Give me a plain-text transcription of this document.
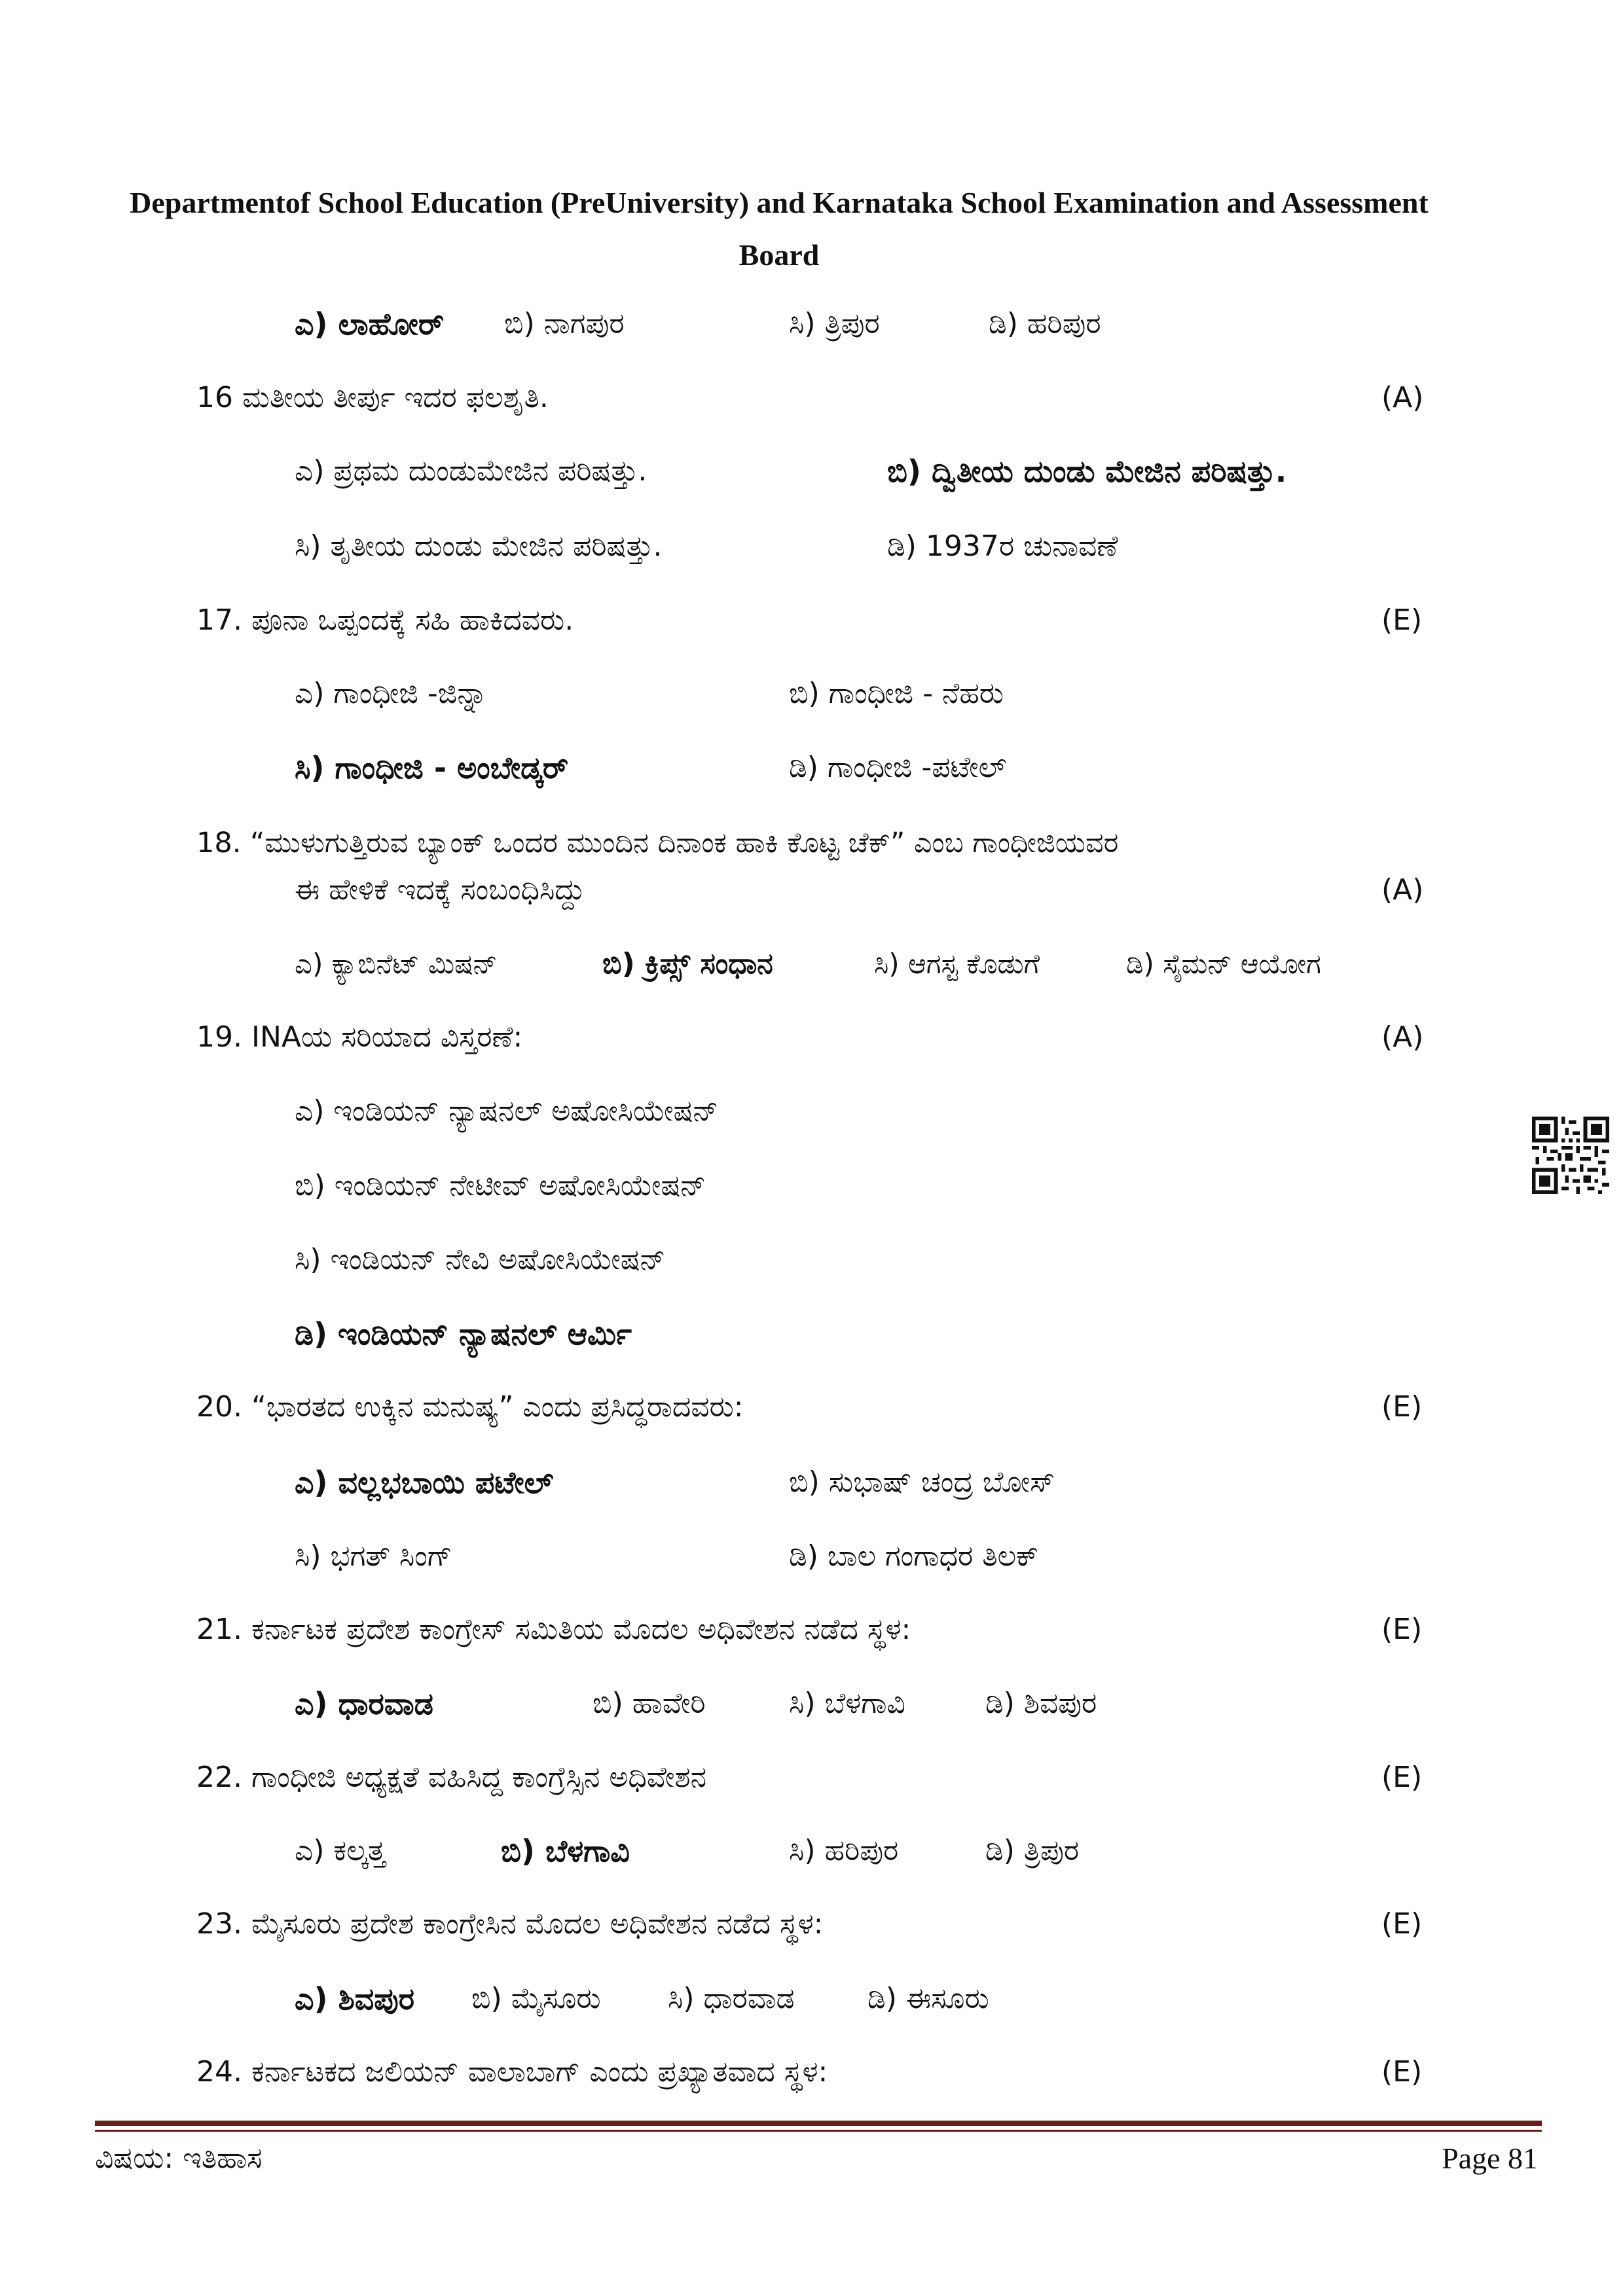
Departmentof School Education (PreUniversity) and Karnataka School Examination and Assessment
Board
ಎ) ಲಾಹೋರ್ ಬಿ) ನಾಗಪುರ	ಸಿ) ತ್ರಿಪುರ	ಡಿ) ಹರಿಪುರ
16 ಮತೀಯ ತೀರ್ಪು ಇದರ ಫಲಶೃತಿ.	(A)
ಎ) ಪ್ರಥಮ ದುಂಡುಮೇಜಿನ ಪರಿಷತ್ತು.	ಬಿ) ದ್ವಿತೀಯ ದುಂಡು ಮೇಜಿನ ಪರಿಷತ್ತು.
ಸಿ) ತೃತೀಯ ದುಂಡು ಮೇಜಿನ ಪರಿಷತ್ತು.	ಡಿ) 1937ರ ಚುನಾವಣೆ
17. ಪೂನಾ ಒಪ್ಪಂದಕ್ಕೆ ಸಹಿ ಹಾಕಿದವರು.	(E)
ಎ) ಗಾಂಧೀಜಿ -ಜಿನ್ನಾ	ಬಿ) ಗಾಂಧೀಜಿ - ನೆಹರು
ಸಿ) ಗಾಂಧೀಜಿ - ಅಂಬೇಡ್ಕರ್	ಡಿ) ಗಾಂಧೀಜಿ -ಪಟೇಲ್
18. “ಮುಳುಗುತ್ತಿರುವ ಬ್ಯಾಂಕ್ ಒಂದರ ಮುಂದಿನ ದಿನಾಂಕ ಹಾಕಿ ಕೊಟ್ಟ ಚೆಕ್” ಎಂಬ ಗಾಂಧೀಜಿಯವರ
ಈ ಹೇಳಿಕೆ ಇದಕ್ಕೆ ಸಂಬಂಧಿಸಿದ್ದು	(A)
ಎ) ಕ್ಯಾಬಿನೆಟ್ ಮಿಷನ್	ಬಿ) ಕ್ರಿಪ್ಸ್ ಸಂಧಾನ	ಸಿ) ಆಗಸ್ಟ ಕೊಡುಗೆ	ಡಿ) ಸೈಮನ್ ಆಯೋಗ
19. INAಯ ಸರಿಯಾದ ವಿಸ್ತರಣೆ:	(A)
ಎ) ಇಂಡಿಯನ್ ನ್ಯಾಷನಲ್ ಅಷೋಸಿಯೇಷನ್
ಬಿ) ಇಂಡಿಯನ್ ನೇಟೀವ್ ಅಷೋಸಿಯೇಷನ್
ಸಿ) ಇಂಡಿಯನ್ ನೇವಿ ಅಷೋಸಿಯೇಷನ್
ಡಿ) ಇಂಡಿಯನ್ ನ್ಯಾಷನಲ್ ಆರ್ಮಿ
20. “ಭಾರತದ ಉಕ್ಕಿನ ಮನುಷ್ಯ” ಎಂದು ಪ್ರಸಿದ್ಧರಾದವರು:	(E)
ಎ) ವಲ್ಲಭಬಾಯಿ ಪಟೇಲ್	ಬಿ) ಸುಭಾಷ್ ಚಂದ್ರ ಬೋಸ್
ಸಿ) ಭಗತ್ ಸಿಂಗ್	ಡಿ) ಬಾಲ ಗಂಗಾಧರ ತಿಲಕ್
21. ಕರ್ನಾಟಕ ಪ್ರದೇಶ ಕಾಂಗ್ರೇಸ್ ಸಮಿತಿಯ ಮೊದಲ ಅಧಿವೇಶನ ನಡೆದ ಸ್ಥಳ:	(E)
ಎ) ಧಾರವಾಡ	ಬಿ) ಹಾವೇರಿ	ಸಿ) ಬೆಳಗಾವಿ	ಡಿ) ಶಿವಪುರ
22. ಗಾಂಧೀಜಿ ಅಧ್ಯಕ್ಷತೆ ವಹಿಸಿದ್ದ ಕಾಂಗ್ರೆಸ್ಸಿನ ಅಧಿವೇಶನ	(E)
ಎ) ಕಲ್ಕತ್ತ	ಬಿ) ಬೆಳಗಾವಿ	ಸಿ) ಹರಿಪುರ	ಡಿ) ತ್ರಿಪುರ
23. ಮೈಸೂರು ಪ್ರದೇಶ ಕಾಂಗ್ರೇಸಿನ ಮೊದಲ ಅಧಿವೇಶನ ನಡೆದ ಸ್ಥಳ:	(E)
ಎ) ಶಿವಪುರ ಬಿ) ಮೈಸೂರು ಸಿ) ಧಾರವಾಡ	ಡಿ) ಈಸೂರು
24. ಕರ್ನಾಟಕದ ಜಲಿಯನ್ ವಾಲಾಬಾಗ್ ಎಂದು ಪ್ರಖ್ಯಾತವಾದ ಸ್ಥಳ:	(E)
ವಿಷಯ: ಇತಿಹಾಸ	Page 81
